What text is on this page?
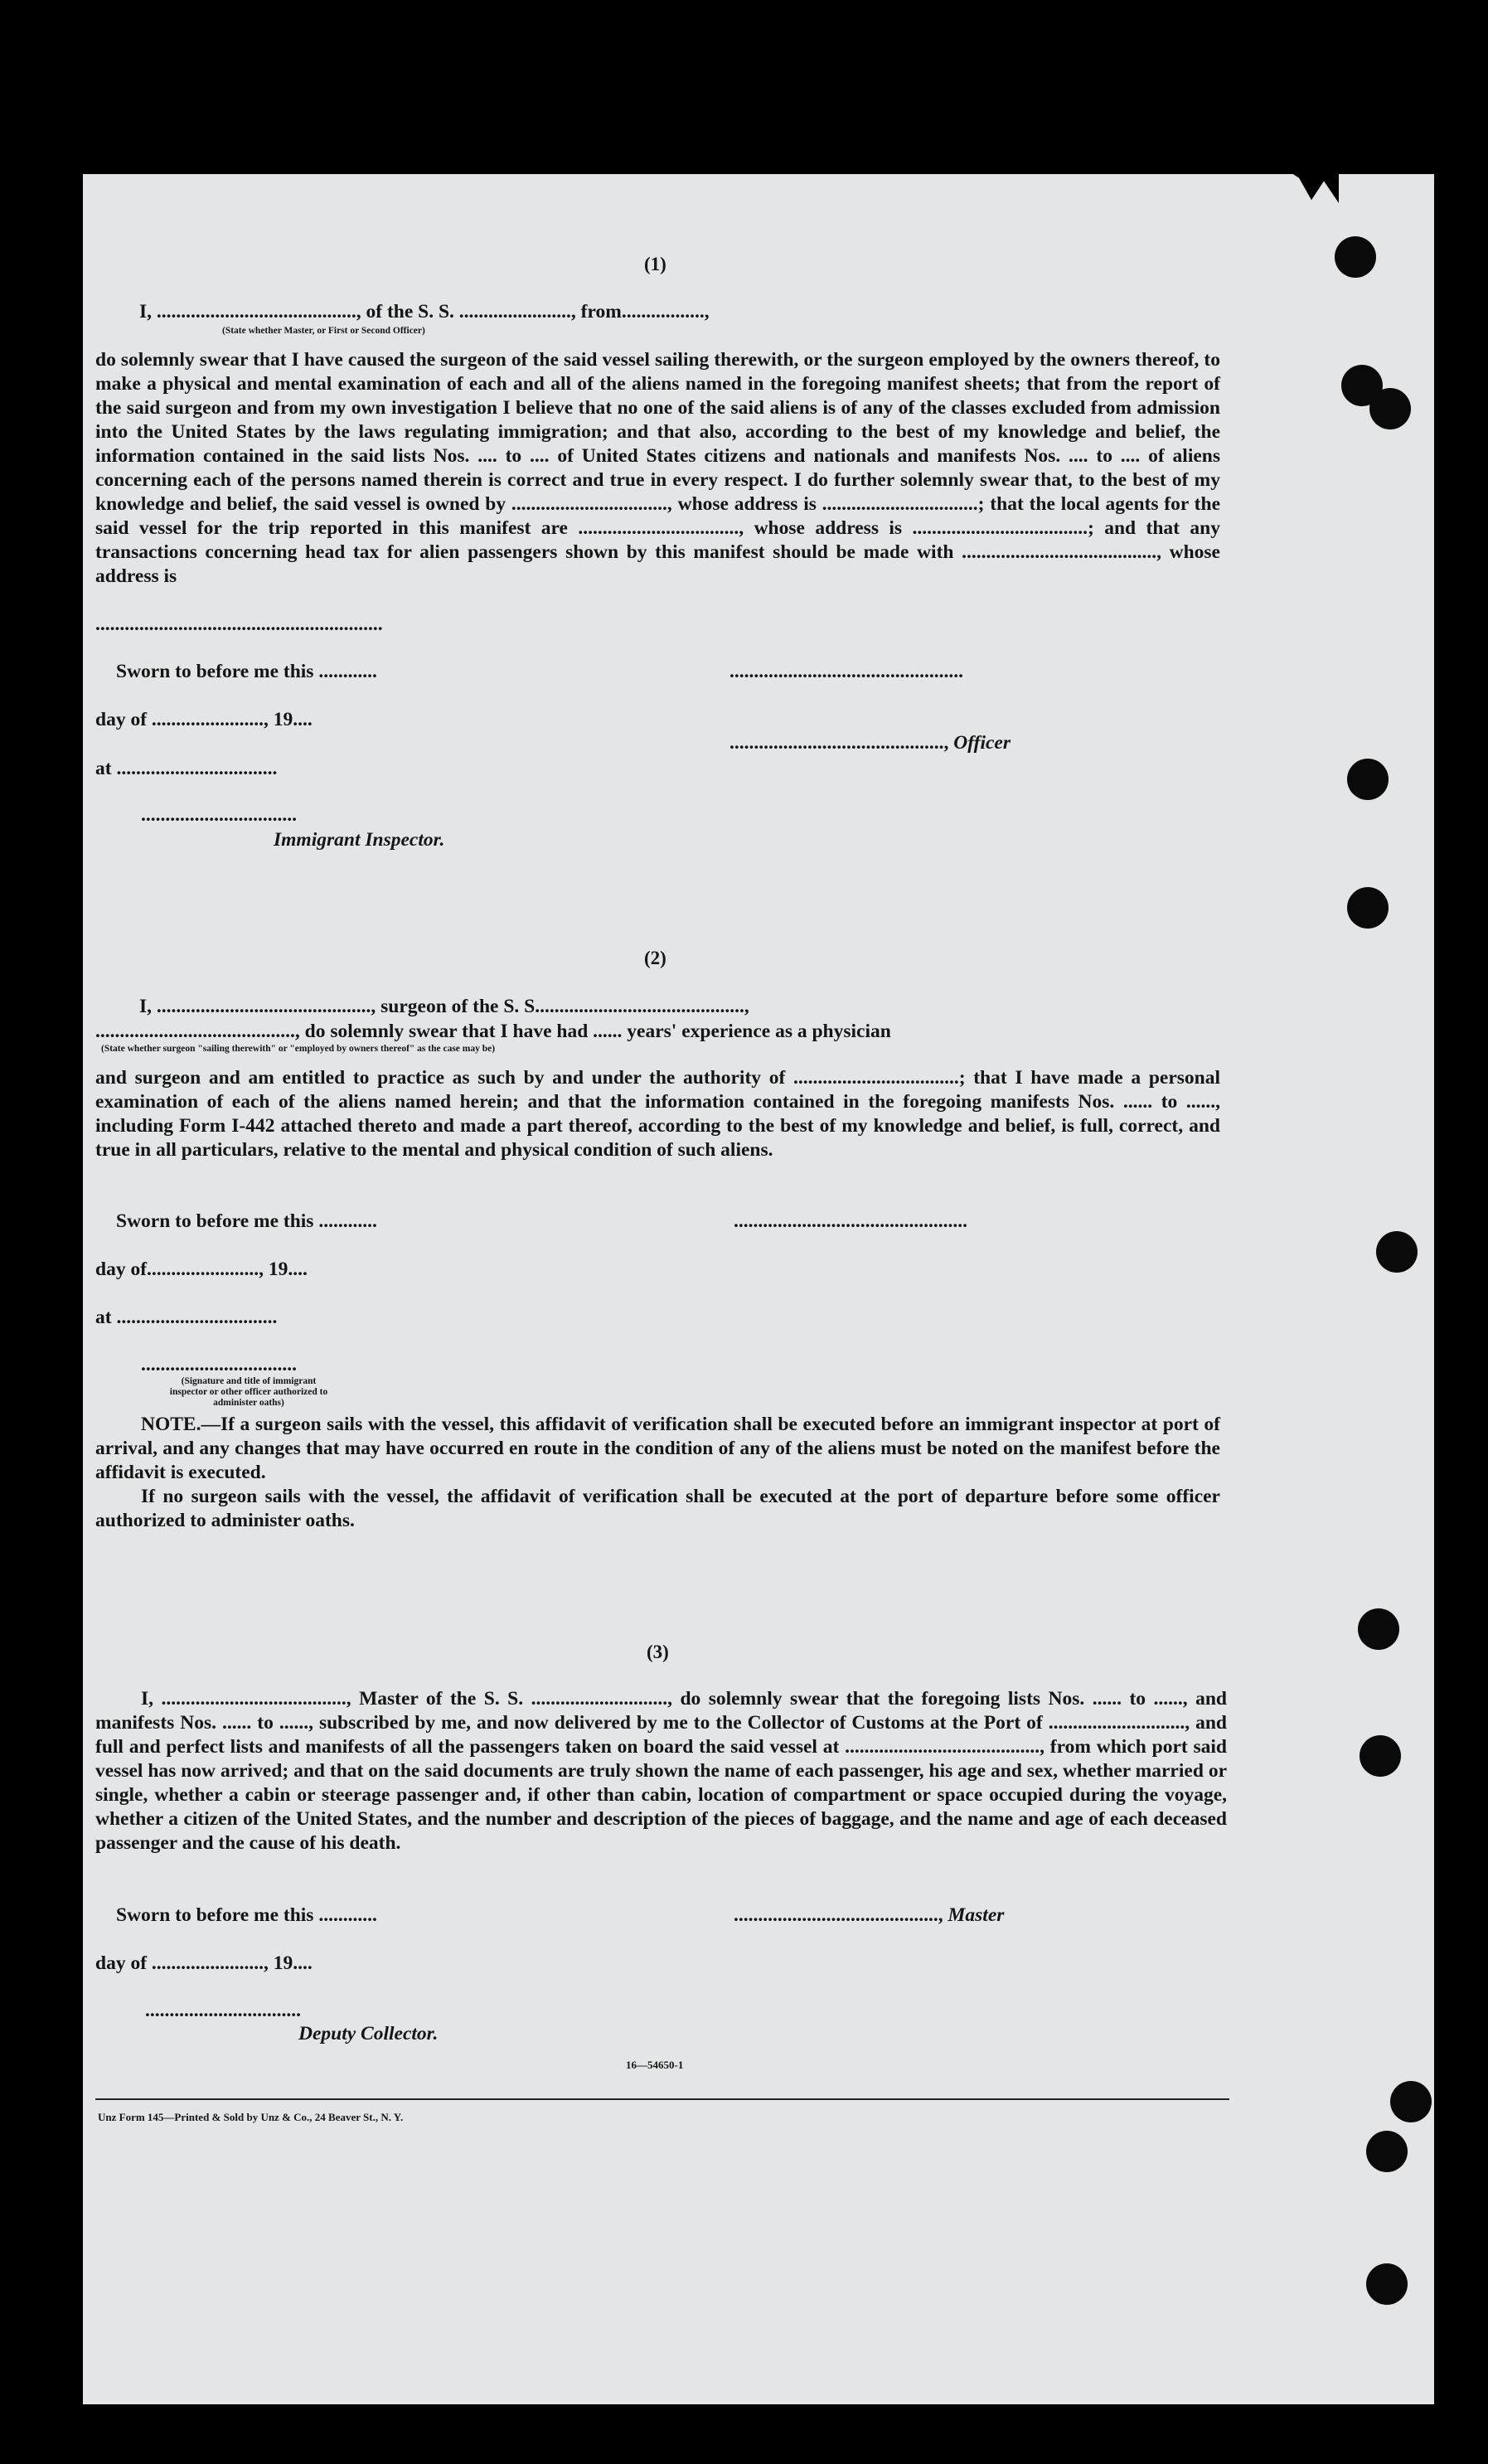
(1)
I, ........................................., of the S. S. ......................., from.................,
(State whether Master, or First or Second Officer)
do solemnly swear that I have caused the surgeon of the said vessel sailing therewith, or the surgeon employed by the owners thereof, to make a physical and mental examination of each and all of the aliens named in the foregoing manifest sheets; that from the report of the said surgeon and from my own investigation I believe that no one of the said aliens is of any of the classes excluded from admission into the United States by the laws regulating immigration; and that also, according to the best of my knowledge and belief, the information contained in the said lists Nos. .... to .... of United States citizens and nationals and manifests Nos. .... to .... of aliens concerning each of the persons named therein is correct and true in every respect. I do further solemnly swear that, to the best of my knowledge and belief, the said vessel is owned by ................................, whose address is ................................; that the local agents for the said vessel for the trip reported in this manifest are ................................., whose address is ....................................; and that any transactions concerning head tax for alien passengers shown by this manifest should be made with ........................................, whose address is
...........................................................
Sworn to before me this ............	................................................
day of ......................., 19....
............................................, Officer
at .................................
................................
Immigrant Inspector.
(2)
I, ............................................, surgeon of the S. S...........................................,
........................................., do solemnly swear that I have had ...... years' experience as a physician
(State whether surgeon "sailing therewith" or "employed by owners thereof" as the case may be)
and surgeon and am entitled to practice as such by and under the authority of ..................................; that I have made a personal examination of each of the aliens named herein; and that the information contained in the foregoing manifests Nos. ...... to ......, including Form I-442 attached thereto and made a part thereof, according to the best of my knowledge and belief, is full, correct, and true in all particulars, relative to the mental and physical condition of such aliens.
Sworn to before me this ............	................................................
day of......................., 19....
at .................................
................................
(Signature and title of immigrant inspector or other officer authorized to administer oaths)
NOTE.—If a surgeon sails with the vessel, this affidavit of verification shall be executed before an immigrant inspector at port of arrival, and any changes that may have occurred en route in the condition of any of the aliens must be noted on the manifest before the affidavit is executed.
If no surgeon sails with the vessel, the affidavit of verification shall be executed at the port of departure before some officer authorized to administer oaths.
(3)
I, ......................................, Master of the S. S. ............................, do solemnly swear that the foregoing lists Nos. ...... to ......, and manifests Nos. ...... to ......, subscribed by me, and now delivered by me to the Collector of Customs at the Port of ............................, and full and perfect lists and manifests of all the passengers taken on board the said vessel at ........................................, from which port said vessel has now arrived; and that on the said documents are truly shown the name of each passenger, his age and sex, whether married or single, whether a cabin or steerage passenger and, if other than cabin, location of compartment or space occupied during the voyage, whether a citizen of the United States, and the number and description of the pieces of baggage, and the name and age of each deceased passenger and the cause of his death.
Sworn to before me this ............	.........................................., Master
day of ......................., 19....
................................
Deputy Collector.
16—54650-1
Unz Form 145—Printed & Sold by Unz & Co., 24 Beaver St., N. Y.
